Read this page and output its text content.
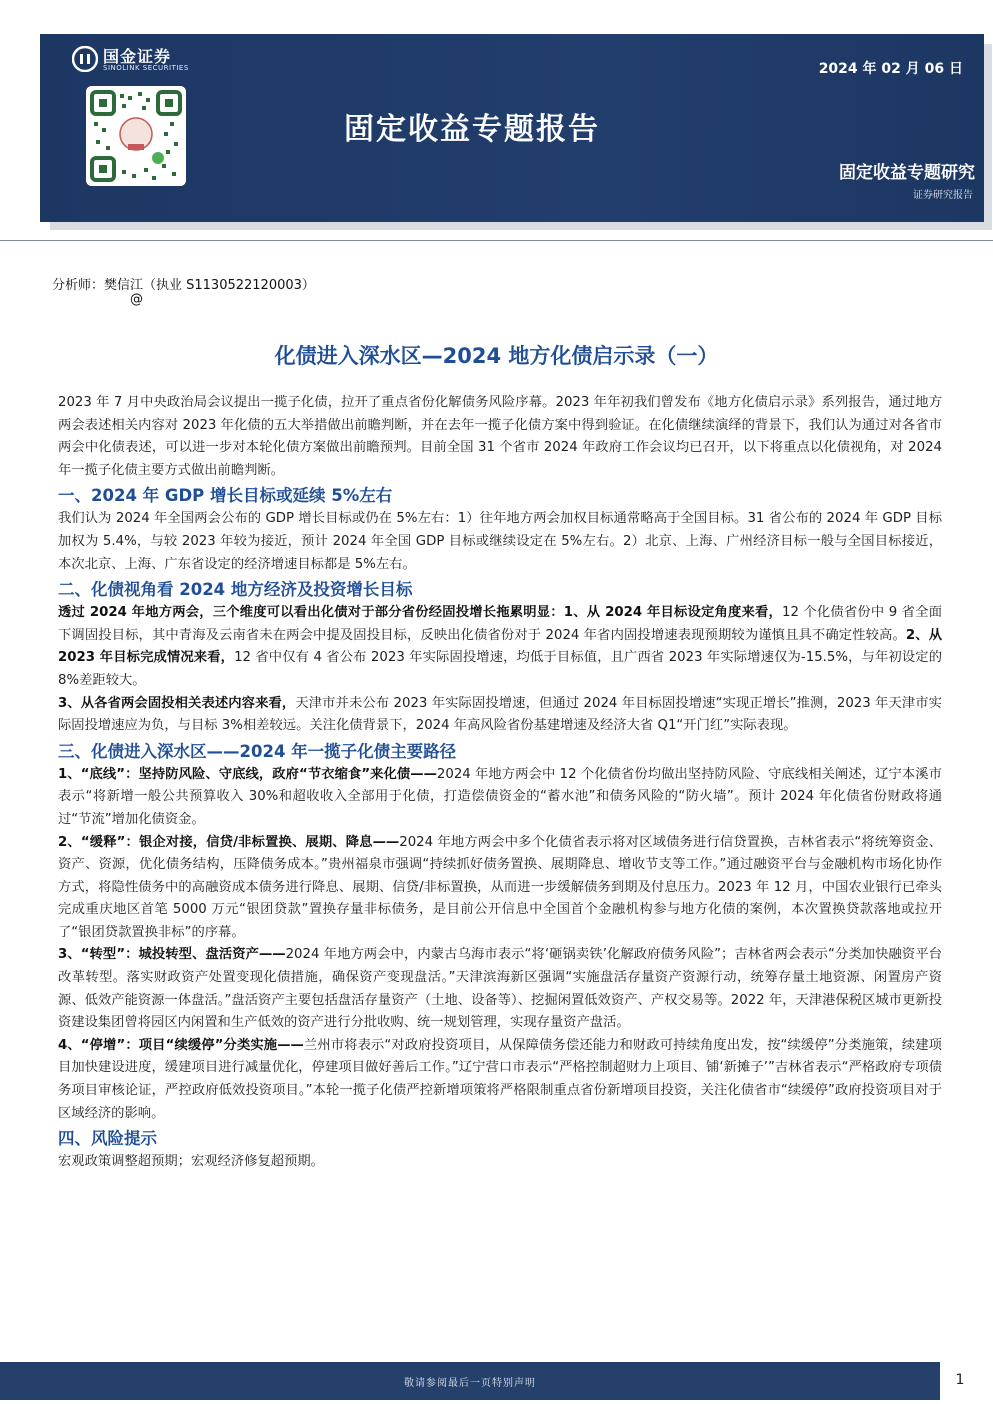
国金证券
SINOLINK SECURITIES	2024 年 02 月 06 日
固定收益专题报告
固定收益专题研究
证券研究报告
分析师：樊信江（执业 S1130522120003）
@
化债进入深水区—2024 地方化债启示录（一）

2023 年 7 月中央政治局会议提出一揽子化债，拉开了重点省份化解债务风险序幕。2023 年年初我们曾发布《地方化债启示录》系列报告，通过地方两会表述相关内容对 2023 年化债的五大举措做出前瞻判断，并在去年一揽子化债方案中得到验证。在化债继续演绎的背景下，我们认为通过对各省市两会中化债表述，可以进一步对本轮化债方案做出前瞻预判。目前全国 31 个省市 2024 年政府工作会议均已召开，以下将重点以化债视角，对 2024 年一揽子化债主要方式做出前瞻判断。

一、2024 年 GDP 增长目标或延续 5%左右

我们认为 2024 年全国两会公布的 GDP 增长目标或仍在 5%左右：1）往年地方两会加权目标通常略高于全国目标。31 省公布的 2024 年 GDP 目标加权为 5.4%，与较 2023 年较为接近，预计 2024 年全国 GDP 目标或继续设定在 5%左右。2）北京、上海、广州经济目标一般与全国目标接近，本次北京、上海、广东省设定的经济增速目标都是 5%左右。

二、化债视角看 2024 地方经济及投资增长目标

透过 2024 年地方两会，三个维度可以看出化债对于部分省份经固投增长拖累明显：1、从 2024 年目标设定角度来看，12 个化债省份中 9 省全面下调固投目标，其中青海及云南省未在两会中提及固投目标，反映出化债省份对于 2024 年省内固投增速表现预期较为谨慎且具不确定性较高。2、从 2023 年目标完成情况来看，12 省中仅有 4 省公布 2023 年实际固投增速，均低于目标值，且广西省 2023 年实际增速仅为-15.5%，与年初设定的 8%差距较大。

3、从各省两会固投相关表述内容来看，天津市并未公布 2023 年实际固投增速，但通过 2024 年目标固投增速“实现正增长”推测，2023 年天津市实际固投增速应为负，与目标 3%相差较远。关注化债背景下，2024 年高风险省份基建增速及经济大省 Q1“开门红”实际表现。

三、化债进入深水区——2024 年一揽子化债主要路径

1、“底线”：坚持防风险、守底线，政府“节衣缩食”来化债——2024 年地方两会中 12 个化债省份均做出坚持防风险、守底线相关阐述，辽宁本溪市表示“将新增一般公共预算收入 30%和超收收入全部用于化债，打造偿债资金的“蓄水池”和债务风险的“防火墙”。预计 2024 年化债省份财政将通过“节流”增加化债资金。

2、“缓释”：银企对接，信贷/非标置换、展期、降息——2024 年地方两会中多个化债省表示将对区域债务进行信贷置换，吉林省表示“将统筹资金、资产、资源，优化债务结构，压降债务成本。”贵州福泉市强调“持续抓好债务置换、展期降息、增收节支等工作。”通过融资平台与金融机构市场化协作方式，将隐性债务中的高融资成本债务进行降息、展期、信贷/非标置换，从而进一步缓解债务到期及付息压力。2023 年 12 月，中国农业银行已牵头完成重庆地区首笔 5000 万元“银团贷款”置换存量非标债务，是目前公开信息中全国首个金融机构参与地方化债的案例，本次置换贷款落地或拉开了“银团贷款置换非标”的序幕。

3、“转型”：城投转型、盘活资产——2024 年地方两会中，内蒙古乌海市表示“将‘砸锅卖铁’化解政府债务风险”；吉林省两会表示“分类加快融资平台改革转型。落实财政资产处置变现化债措施，确保资产变现盘活。”天津滨海新区强调“实施盘活存量资产资源行动，统筹存量土地资源、闲置房产资源、低效产能资源一体盘活。”盘活资产主要包括盘活存量资产（土地、设备等）、挖掘闲置低效资产、产权交易等。2022 年，天津港保税区城市更新投资建设集团曾将园区内闲置和生产低效的资产进行分批收购、统一规划管理，实现存量资产盘活。

4、“停增”：项目“续缓停”分类实施——兰州市将表示“对政府投资项目，从保障债务偿还能力和财政可持续角度出发，按“续缓停”分类施策，续建项目加快建设进度，缓建项目进行减量优化，停建项目做好善后工作。”辽宁营口市表示“严格控制超财力上项目、铺‘新摊子’”吉林省表示“严格政府专项债务项目审核论证，严控政府低效投资项目。”本轮一揽子化债严控新增项策将严格限制重点省份新增项目投资，关注化债省市“续缓停”政府投资项目对于区域经济的影响。

四、风险提示

宏观政策调整超预期；宏观经济修复超预期。

敬请参阅最后一页特别声明	1
